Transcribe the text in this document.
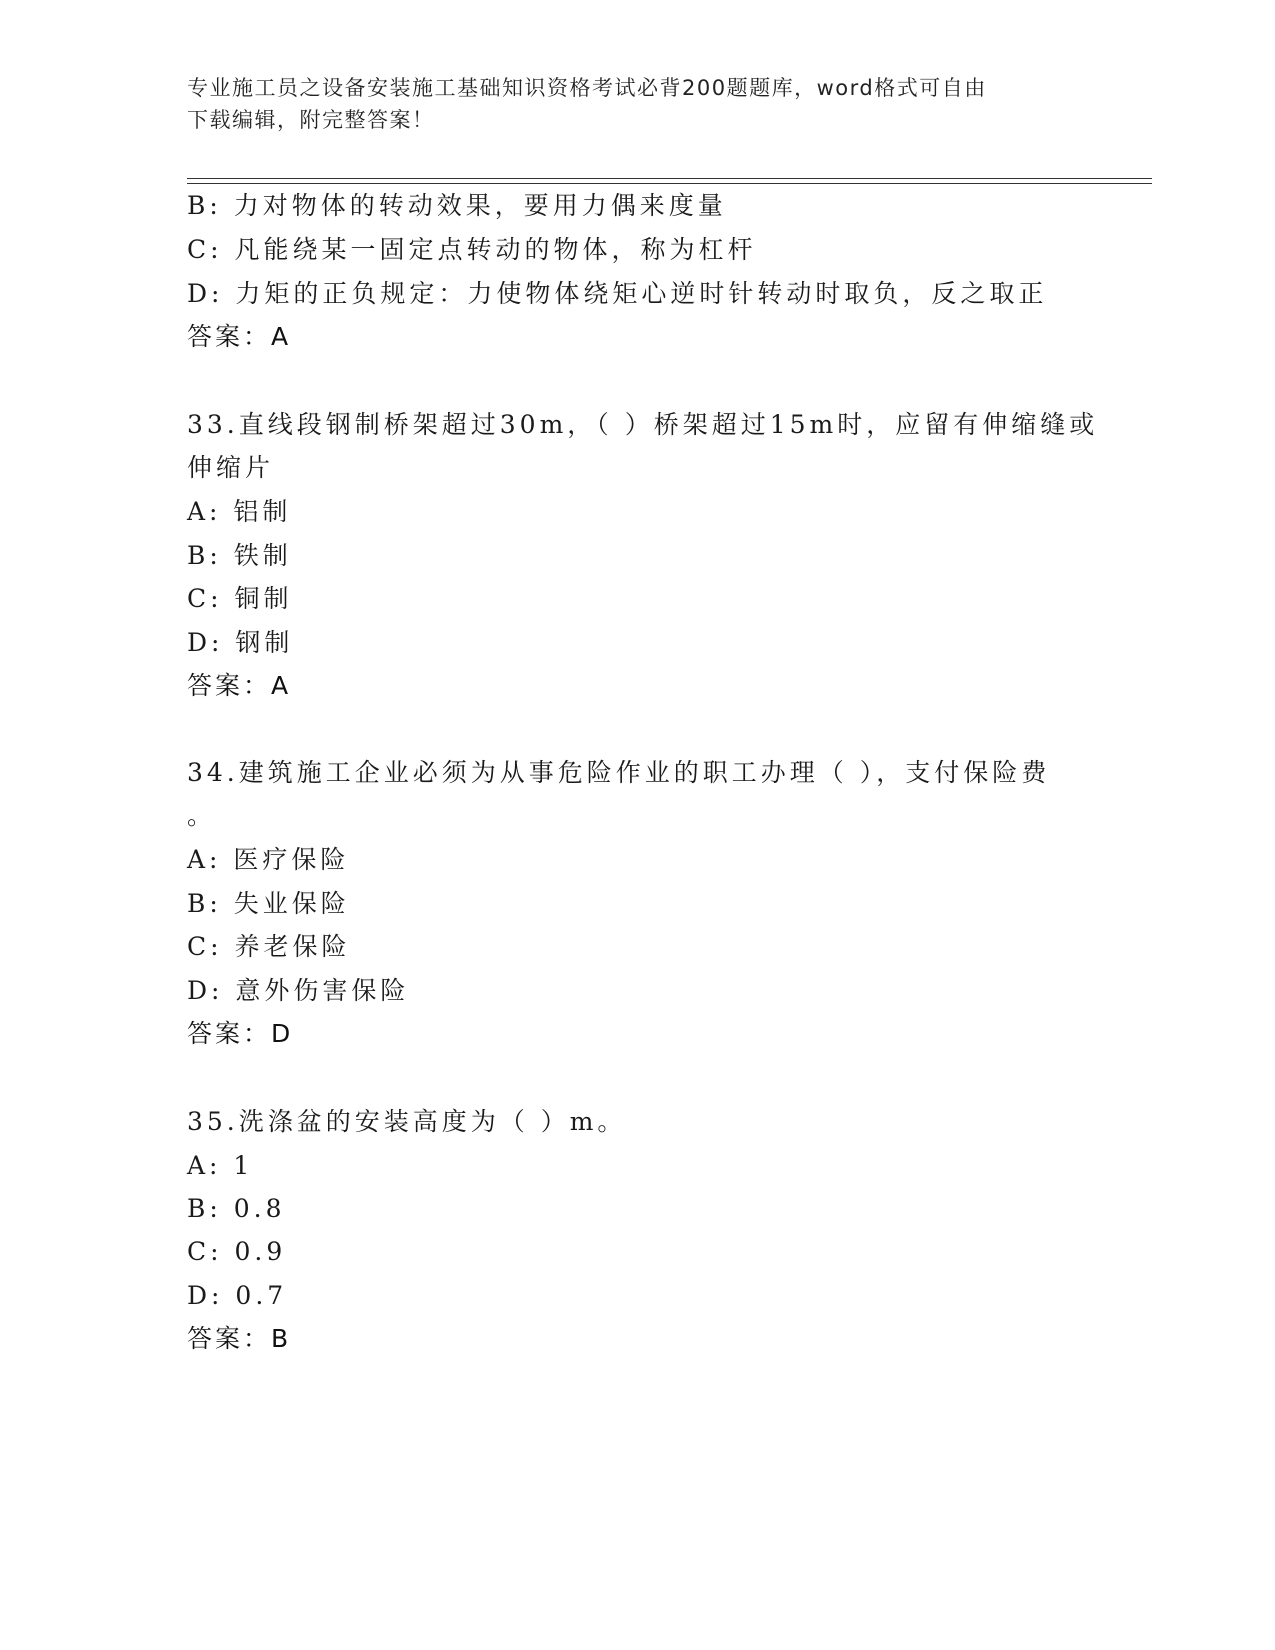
专业施工员之设备安装施工基础知识资格考试必背200题题库，word格式可自由
下载编辑，附完整答案！
B: 力对物体的转动效果，要用力偶来度量
C: 凡能绕某一固定点转动的物体，称为杠杆
D: 力矩的正负规定：力使物体绕矩心逆时针转动时取负，反之取正
答案：A
33.直线段钢制桥架超过30m，（ ）桥架超过15m时，应留有伸缩缝或
伸缩片
A: 铝制
B: 铁制
C: 铜制
D: 钢制
答案：A
34.建筑施工企业必须为从事危险作业的职工办理（ ），支付保险费
。
A: 医疗保险
B: 失业保险
C: 养老保险
D: 意外伤害保险
答案：D
35.洗涤盆的安装高度为（ ）m。
A: 1
B: 0.8
C: 0.9
D: 0.7
答案：B
